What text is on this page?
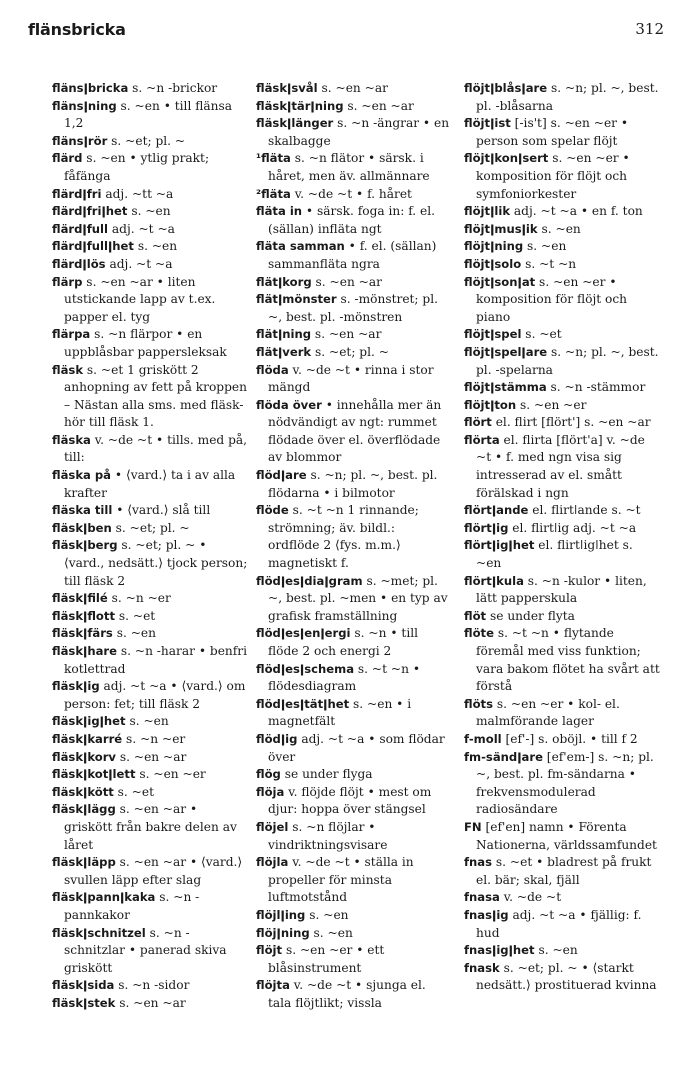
flänsbricka	312

flänsǀbricka s. ~n -brickor

flänsǀning s. ~en • till flänsa 1,2

flänsǀrör s. ~et; pl. ~

flärd s. ~en • ytlig prakt; fåfänga

flärdǀfri adj. ~tt ~a

flärdǀfriǀhet s. ~en

flärdǀfull adj. ~t ~a

flärdǀfullǀhet s. ~en

flärdǀlös adj. ~t ~a

flärp s. ~en ~ar • liten utstickande lapp av t.ex. papper el. tyg

flärpa s. ~n flärpor • en uppblåsbar pappersleksak

fläsk s. ~et 1 griskött 2 anhopning av fett på kroppen – Nästan alla sms. med fläsk- hör till fläsk 1.

fläska v. ~de ~t • tills. med på, till:

fläska på • ⟨vard.⟩ ta i av alla krafter

fläska till • ⟨vard.⟩ slå till

fläskǀben s. ~et; pl. ~

fläskǀberg s. ~et; pl. ~ • ⟨vard., nedsätt.⟩ tjock person; till fläsk 2

fläskǀfilé s. ~n ~er

fläskǀflott s. ~et

fläskǀfärs s. ~en

fläskǀhare s. ~n -harar • benfri kotlettrad

fläskǀig adj. ~t ~a • ⟨vard.⟩ om person: fet; till fläsk 2

fläskǀigǀhet s. ~en

fläskǀkarré s. ~n ~er

fläskǀkorv s. ~en ~ar

fläskǀkotǀlett s. ~en ~er

fläskǀkött s. ~et

fläskǀlägg s. ~en ~ar • griskött från bakre delen av låret

fläskǀläpp s. ~en ~ar • ⟨vard.⟩ svullen läpp efter slag

fläskǀpannǀkaka s. ~n -pannkakor

fläskǀschnitzel s. ~n -schnitzlar • panerad skiva griskött

fläskǀsida s. ~n -sidor

fläskǀstek s. ~en ~ar

fläskǀsvål s. ~en ~ar

fläskǀtärǀning s. ~en ~ar

fläskǀlänger s. ~n -ängrar • en skalbagge

¹fläta s. ~n flätor • särsk. i håret, men äv. allmännare

²fläta v. ~de ~t • f. håret

fläta in • särsk. foga in: f. el. (sällan) infläta ngt

fläta samman • f. el. (sällan) sammanfläta ngra

flätǀkorg s. ~en ~ar

flätǀmönster s. -mönstret; pl. ~, best. pl. -mönstren

flätǀning s. ~en ~ar

flätǀverk s. ~et; pl. ~

flöda v. ~de ~t • rinna i stor mängd

flöda över • innehålla mer än nödvändigt av ngt: rummet flödade över el. överflödade av blommor

flödǀare s. ~n; pl. ~, best. pl. flödarna • i bilmotor

flöde s. ~t ~n 1 rinnande; strömning; äv. bildl.: ordflöde 2 ⟨fys. m.m.⟩ magnetiskt f.

flödǀesǀdiaǀgram s. ~met; pl. ~, best. pl. ~men • en typ av grafisk framställning

flödǀesǀenǀergi s. ~n • till flöde 2 och energi 2

flödǀesǀschema s. ~t ~n • flödesdiagram

flödǀesǀtätǀhet s. ~en • i magnetfält

flödǀig adj. ~t ~a • som flödar över

flög se under flyga

flöja v. flöjde flöjt • mest om djur: hoppa över stängsel

flöjel s. ~n flöjlar • vindriktningsvisare

flöjla v. ~de ~t • ställa in propeller för minsta luftmotstånd

flöjlǀing s. ~en

flöjǀning s. ~en

flöjt s. ~en ~er • ett blåsinstrument

flöjta v. ~de ~t • sjunga el. tala flöjtlikt; vissla

flöjtǀblåsǀare s. ~n; pl. ~, best. pl. -blåsarna

flöjtǀist [-is't] s. ~en ~er • person som spelar flöjt

flöjtǀkonǀsert s. ~en ~er • komposition för flöjt och symfoniorkester

flöjtǀlik adj. ~t ~a • en f. ton

flöjtǀmusǀik s. ~en

flöjtǀning s. ~en

flöjtǀsolo s. ~t ~n

flöjtǀsonǀat s. ~en ~er • komposition för flöjt och piano

flöjtǀspel s. ~et

flöjtǀspelǀare s. ~n; pl. ~, best. pl. -spelarna

flöjtǀstämma s. ~n -stämmor

flöjtǀton s. ~en ~er

flört el. flirt [flört'] s. ~en ~ar

flörta el. flirta [flört'a] v. ~de ~t • f. med ngn visa sig intresserad av el. smått förälskad i ngn

flörtǀande el. flirtǀande s. ~t

flörtǀig el. flirtǀig adj. ~t ~a

flörtǀigǀhet el. flirtǀigǀhet s. ~en

flörtǀkula s. ~n -kulor • liten, lätt papperskula

flöt se under flyta

flöte s. ~t ~n • flytande föremål med viss funktion; vara bakom flötet ha svårt att förstå

flöts s. ~en ~er • kol- el. malmförande lager

f-moll [ef'-] s. oböjl. • till f 2

fm-sändǀare [ef'em-] s. ~n; pl. ~, best. pl. fm-sändarna • frekvensmodulerad radiosändare

FN [ef'en] namn • Förenta Nationerna, världssamfundet

fnas s. ~et • bladrest på frukt el. bär; skal, fjäll

fnasa v. ~de ~t

fnasǀig adj. ~t ~a • fjällig: f. hud

fnasǀigǀhet s. ~en

fnask s. ~et; pl. ~ • ⟨starkt nedsätt.⟩ prostituerad kvinna
